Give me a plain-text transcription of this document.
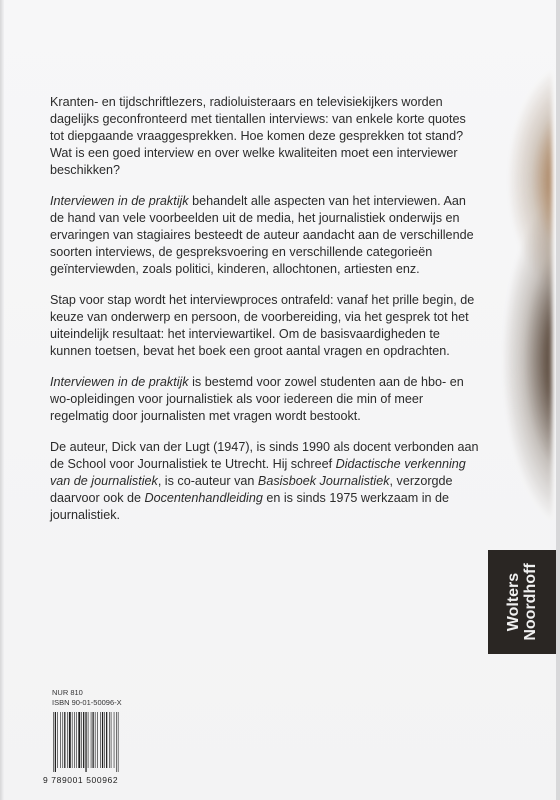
Kranten- en tijdschriftlezers, radioluisteraars en televisiekijkers worden dagelijks geconfronteerd met tientallen interviews: van enkele korte quotes tot diepgaande vraaggesprekken. Hoe komen deze gesprekken tot stand? Wat is een goed interview en over welke kwaliteiten moet een interviewer beschikken?

Interviewen in de praktijk behandelt alle aspecten van het interviewen. Aan de hand van vele voorbeelden uit de media, het journalistiek onderwijs en ervaringen van stagiaires besteedt de auteur aandacht aan de verschillende soorten interviews, de gespreksvoering en verschillende categorieën geïnterviewden, zoals politici, kinderen, allochtonen, artiesten enz.

Stap voor stap wordt het interviewproces ontrafeld: vanaf het prille begin, de keuze van onderwerp en persoon, de voorbereiding, via het gesprek tot het uiteindelijk resultaat: het interviewartikel. Om de basisvaardigheden te kunnen toetsen, bevat het boek een groot aantal vragen en opdrachten.

Interviewen in de praktijk is bestemd voor zowel studenten aan de hbo- en wo-opleidingen voor journalistiek als voor iedereen die min of meer regelmatig door journalisten met vragen wordt bestookt.

De auteur, Dick van der Lugt (1947), is sinds 1990 als docent verbonden aan de School voor Journalistiek te Utrecht. Hij schreef Didactische verkenning van de journalistiek, is co-auteur van Basisboek Journalistiek, verzorgde daarvoor ook de Docentenhandleiding en is sinds 1975 werkzaam in de journalistiek.

Wolters Noordhoff
NUR 810
ISBN 90-01-50096-X
9 789001 500962
